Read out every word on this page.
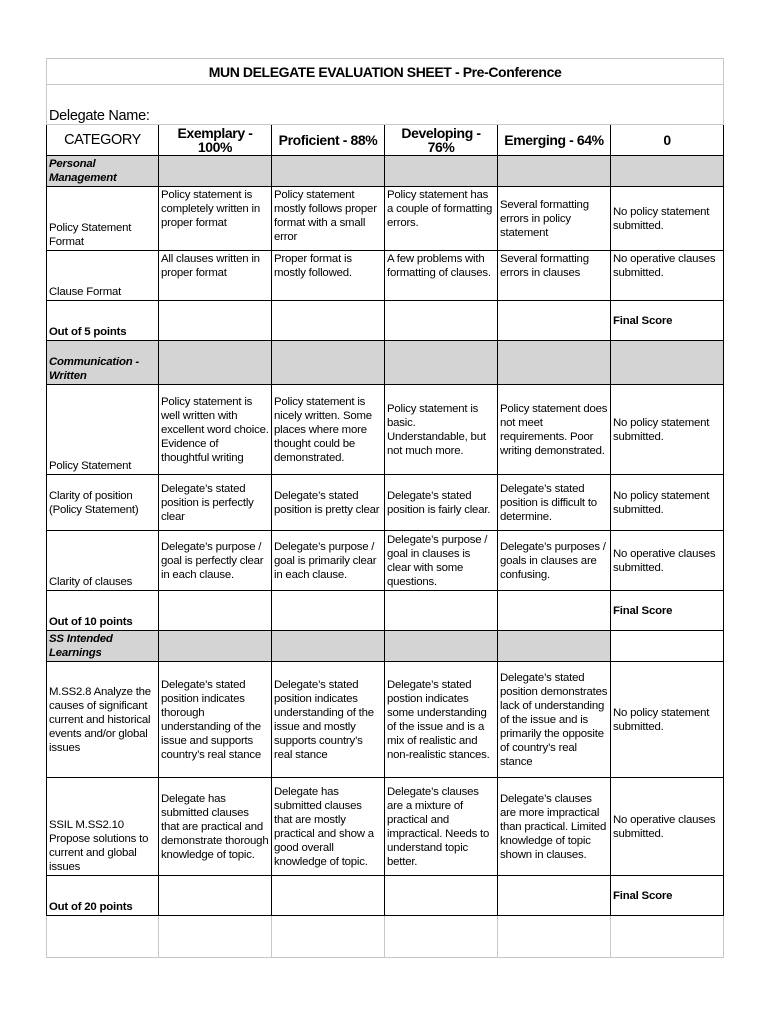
MUN DELEGATE EVALUATION SHEET - Pre-Conference					
Delegate Name:					
CATEGORY	Exemplary - 100%	Proficient - 88%	Developing - 76%	Emerging - 64%	0
Personal Management					
Policy Statement Format	Policy statement is completely written in proper format	Policy statement mostly follows proper format with a small error	Policy statement has a couple of formatting errors.	Several formatting errors in policy statement	No policy statement submitted.
Clause Format	All clauses written in proper format	Proper format is mostly followed.	A few problems with formatting of clauses.	Several formatting errors in clauses	No operative clauses submitted.
Out of 5 points					Final Score
Communication - Written					
Policy Statement	Policy statement is well written with excellent word choice. Evidence of thoughtful writing	Policy statement is nicely written. Some places where more thought could be demonstrated.	Policy statement is basic. Understandable, but not much more.	Policy statement does not meet requirements. Poor writing demonstrated.	No policy statement submitted.
Clarity of position (Policy Statement)	Delegate’s stated position is perfectly clear	Delegate’s stated position is pretty clear	Delegate’s stated position is fairly clear.	Delegate’s stated position is difficult to determine.	No policy statement submitted.
Clarity of clauses	Delegate’s purpose / goal is perfectly clear in each clause.	Delegate’s purpose / goal is primarily clear in each clause.	Delegate’s purpose / goal in clauses is clear with some questions.	Delegate’s purposes / goals in clauses are confusing.	No operative clauses submitted.
Out of 10 points					Final Score
SS Intended Learnings					
M.SS2.8 Analyze the causes of significant current and historical events and/or global issues	Delegate’s stated position indicates thorough understanding of the issue and supports country’s real stance	Delegate’s stated position indicates understanding of the issue and mostly supports country’s real stance	Delegate’s stated postion indicates some understanding of the issue and is a mix of realistic and non-realistic stances.	Delegate’s stated position demonstrates lack of understanding of the issue and is primarily the opposite of country’s real stance	No policy statement submitted.
SSIL M.SS2.10 Propose solutions to current and global issues	Delegate has submitted clauses that are practical and demonstrate thorough knowledge of topic.	Delegate has submitted clauses that are mostly practical and show a good overall knowledge of topic.	Delegate’s clauses are a mixture of practical and impractical. Needs to understand topic better.	Delegate’s clauses are more impractical than practical. Limited knowledge of topic shown in clauses.	No operative clauses submitted.
Out of 20 points					Final Score
